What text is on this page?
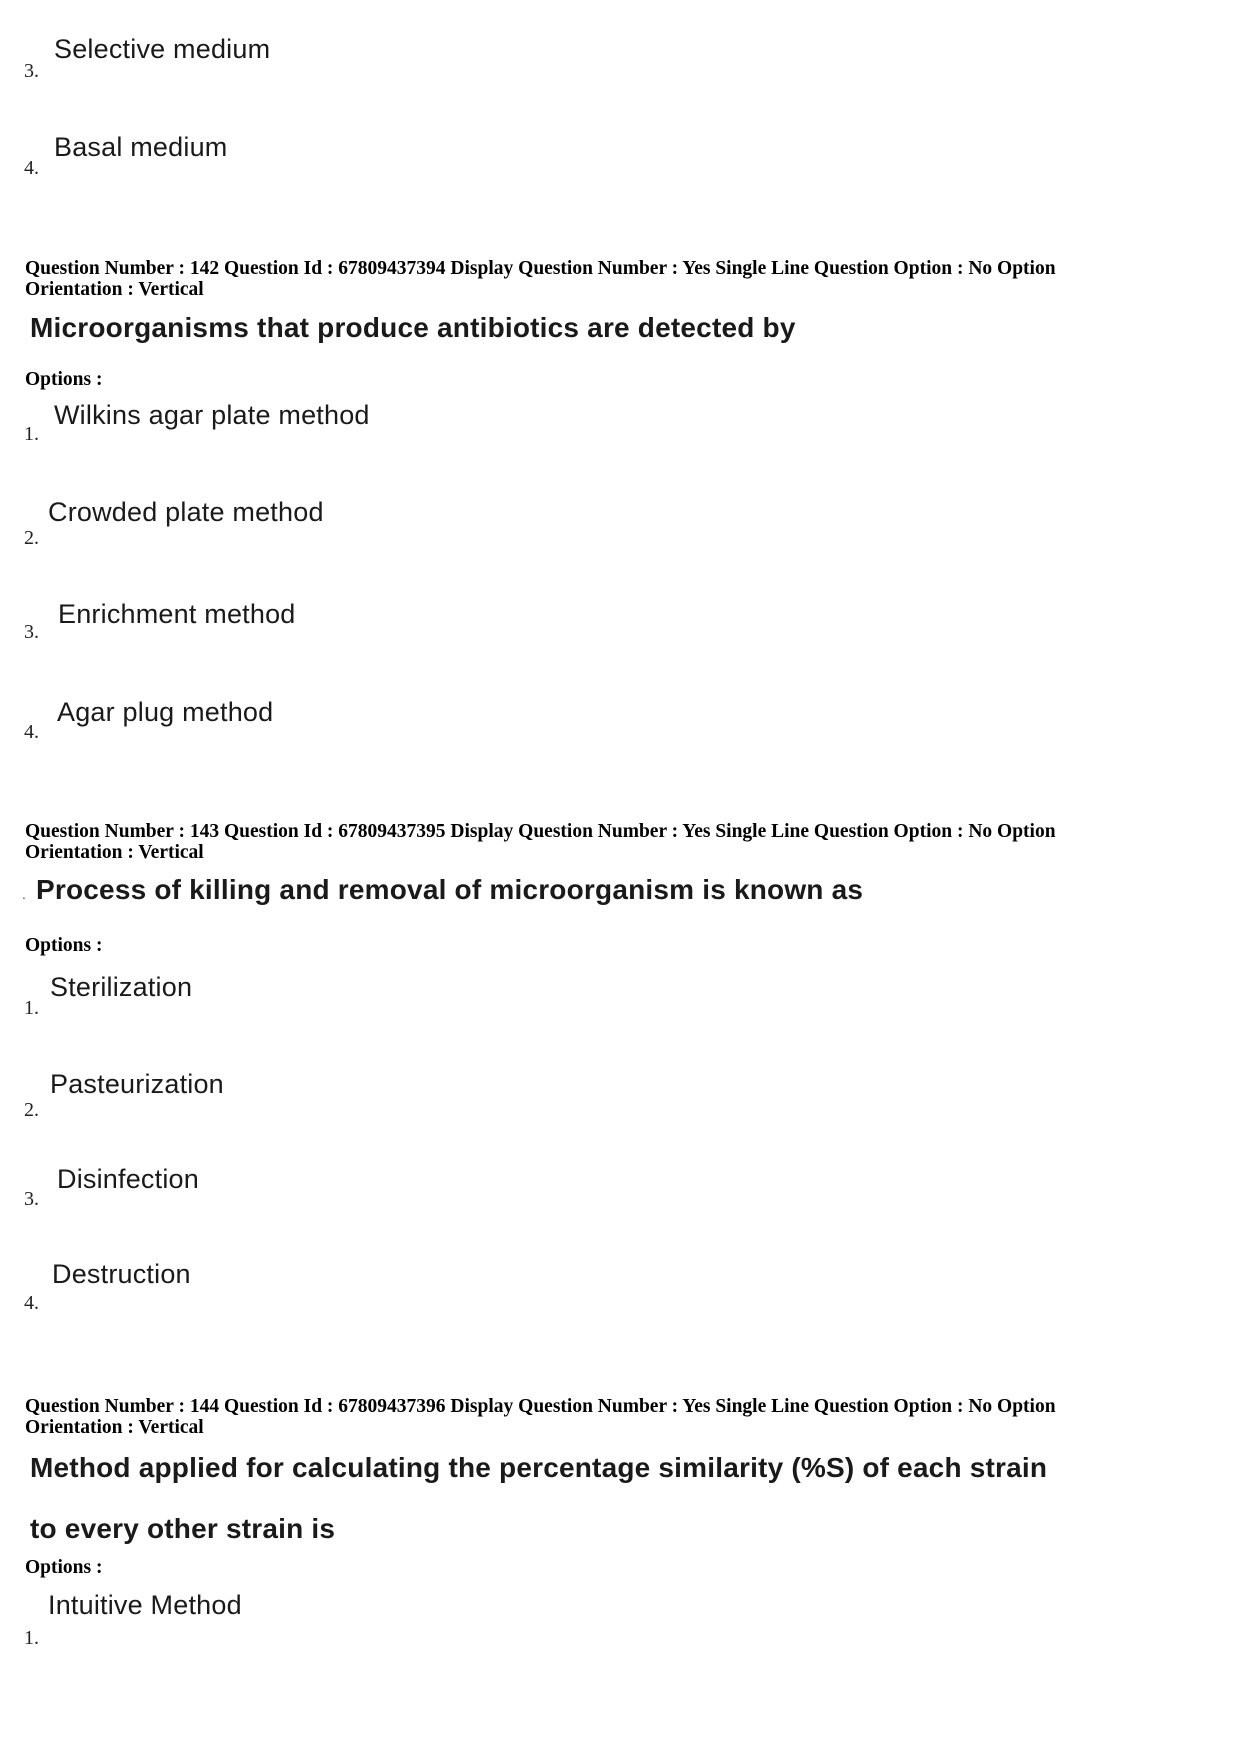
Selective medium
3.
Basal medium
4.
Question Number : 142 Question Id : 67809437394 Display Question Number : Yes Single Line Question Option : No Option
Orientation : Vertical
Microorganisms that produce antibiotics are detected by
Options :
Wilkins agar plate method
1.
Crowded plate method
2.
Enrichment method
3.
Agar plug method
4.
Question Number : 143 Question Id : 67809437395 Display Question Number : Yes Single Line Question Option : No Option
Orientation : Vertical
. Process of killing and removal of microorganism is known as
Options :
Sterilization
1.
Pasteurization
2.
Disinfection
3.
Destruction
4.
Question Number : 144 Question Id : 67809437396 Display Question Number : Yes Single Line Question Option : No Option
Orientation : Vertical
Method applied for calculating the percentage similarity (%S) of each strain
to every other strain is
Options :
Intuitive Method
1.
